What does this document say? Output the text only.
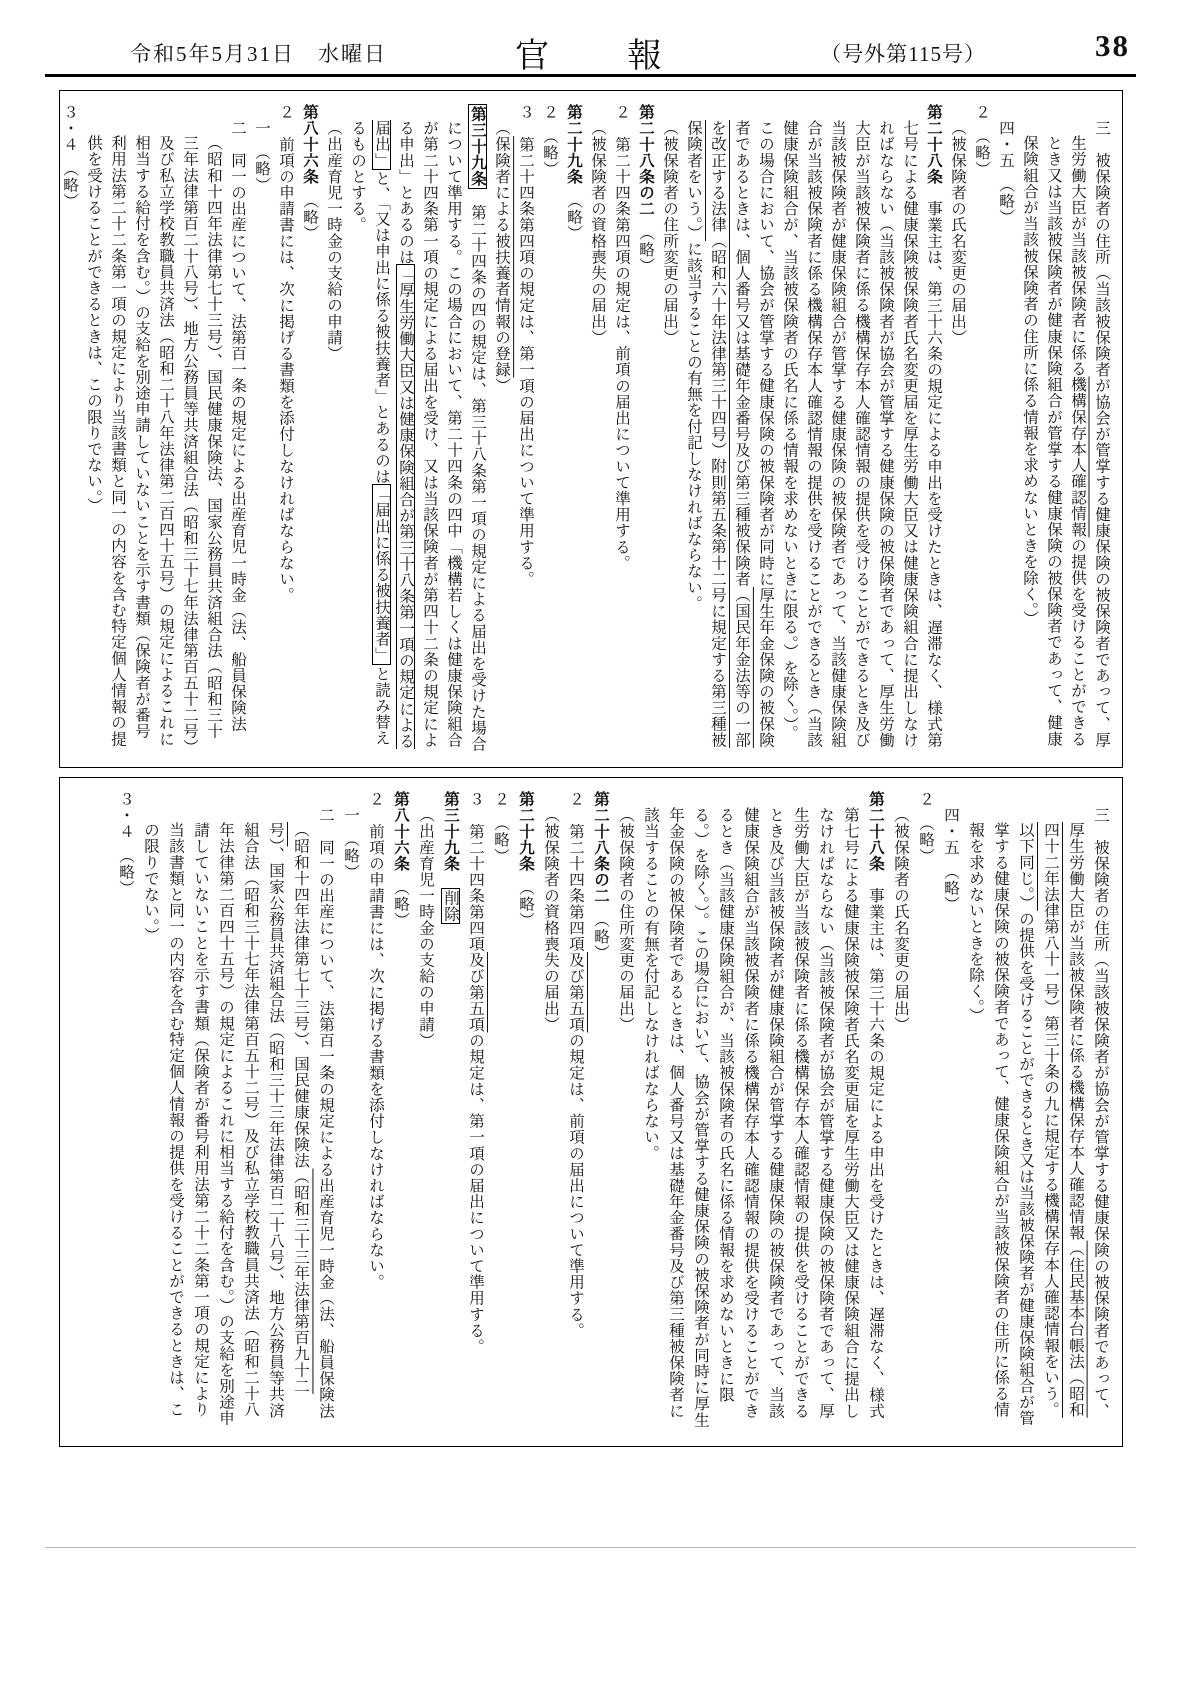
令和5年5月31日　水曜日	官報	（号外第115号）	38
三　被保険者の住所（当該被保険者が協会が管掌する健康保険の被保険者であって、厚生労働大臣が当該被保険者に係る機構保存本人確認情報の提供を受けることができるとき又は当該被保険者が健康保険組合が管掌する健康保険の被保険者であって、健康保険組合が当該被保険者の住所に係る情報を求めないときを除く。）
四・五　（略）
２　（略）
（被保険者の氏名変更の届出）
第二十八条　事業主は、第三十六条の規定による申出を受けたときは、遅滞なく、様式第七号による健康保険被保険者氏名変更届を厚生労働大臣又は健康保険組合に提出しなければならない（当該被保険者が協会が管掌する健康保険の被保険者であって、厚生労働大臣が当該被保険者に係る機構保存本人確認情報の提供を受けることができるとき及び当該被保険者が健康保険組合が管掌する健康保険の被保険者であって、当該健康保険組合が当該被保険者に係る機構保存本人確認情報の提供を受けることができるとき（当該健康保険組合が、当該被保険者の氏名に係る情報を求めないときに限る。）を除く。）。この場合において、協会が管掌する健康保険の被保険者が同時に厚生年金保険の被保険者であるときは、個人番号又は基礎年金番号及び第三種被保険者（国民年金法等の一部を改正する法律（昭和六十年法律第三十四号）附則第五条第十二号に規定する第三種被保険者をいう。）に該当することの有無を付記しなければならない。
（被保険者の住所変更の届出）
第二十八条の二　（略）
２　第二十四条第四項の規定は、前項の届出について準用する。
（被保険者の資格喪失の届出）
第二十九条　（略）
２　（略）
３　第二十四条第四項の規定は、第一項の届出について準用する。
（保険者による被扶養者情報の登録）
第三十九条　第二十四条の四の規定は、第三十八条第一項の規定による届出を受けた場合について準用する。この場合において、第二十四条の四中「機構若しくは健康保険組合が第二十四条第一項の規定による届出を受け、又は当該保険者が第四十二条の規定による申出」とあるのは「厚生労働大臣又は健康保険組合が第三十八条第一項の規定による届出」と、「又は申出に係る被扶養者」とあるのは「届出に係る被扶養者」と読み替えるものとする。
（出産育児一時金の支給の申請）
第八十六条　（略）
２　前項の申請書には、次に掲げる書類を添付しなければならない。
一　（略）
二　同一の出産について、法第百一条の規定による出産育児一時金（法、船員保険法（昭和十四年法律第七十三号）、国民健康保険法、国家公務員共済組合法（昭和三十三年法律第百二十八号）、地方公務員等共済組合法（昭和三十七年法律第百五十二号）及び私立学校教職員共済法（昭和二十八年法律第二百四十五号）の規定によるこれに相当する給付を含む。）の支給を別途申請していないことを示す書類（保険者が番号利用法第二十二条第一項の規定により当該書類と同一の内容を含む特定個人情報の提供を受けることができるときは、この限りでない。）
３・４　（略）
三　被保険者の住所（当該被保険者が協会が管掌する健康保険の被保険者であって、厚生労働大臣が当該被保険者に係る機構保存本人確認情報（住民基本台帳法（昭和四十二年法律第八十一号）第三十条の九に規定する機構保存本人確認情報をいう。以下同じ。）の提供を受けることができるとき又は当該被保険者が健康保険組合が管掌する健康保険の被保険者であって、健康保険組合が当該被保険者の住所に係る情報を求めないときを除く。）
四・五　（略）
２　（略）
（被保険者の氏名変更の届出）
第二十八条　事業主は、第三十六条の規定による申出を受けたときは、遅滞なく、様式第七号による健康保険被保険者氏名変更届を厚生労働大臣又は健康保険組合に提出しなければならない（当該被保険者が協会が管掌する健康保険の被保険者であって、厚生労働大臣が当該被保険者に係る機構保存本人確認情報の提供を受けることができるとき及び当該被保険者が健康保険組合が管掌する健康保険の被保険者であって、当該健康保険組合が当該被保険者に係る機構保存本人確認情報の提供を受けることができるとき（当該健康保険組合が、当該被保険者の氏名に係る情報を求めないときに限る。）を除く。）。この場合において、協会が管掌する健康保険の被保険者が同時に厚生年金保険の被保険者であるときは、個人番号又は基礎年金番号及び第三種被保険者に該当することの有無を付記しなければならない。
（被保険者の住所変更の届出）
第二十八条の二　（略）
２　第二十四条第四項及び第五項の規定は、前項の届出について準用する。
（被保険者の資格喪失の届出）
第二十九条　（略）
２　（略）
３　第二十四条第四項及び第五項の規定は、第一項の届出について準用する。
第三十九条　削除
（出産育児一時金の支給の申請）
第八十六条　（略）
２　前項の申請書には、次に掲げる書類を添付しなければならない。
一　（略）
二　同一の出産について、法第百一条の規定による出産育児一時金（法、船員保険法（昭和十四年法律第七十三号）、国民健康保険法（昭和三十三年法律第百九十二号）、国家公務員共済組合法（昭和三十三年法律第百二十八号）、地方公務員等共済組合法（昭和三十七年法律第百五十二号）及び私立学校教職員共済法（昭和二十八年法律第二百四十五号）の規定によるこれに相当する給付を含む。）の支給を別途申請していないことを示す書類（保険者が番号利用法第二十二条第一項の規定により当該書類と同一の内容を含む特定個人情報の提供を受けることができるときは、この限りでない。）
３・４　（略）
